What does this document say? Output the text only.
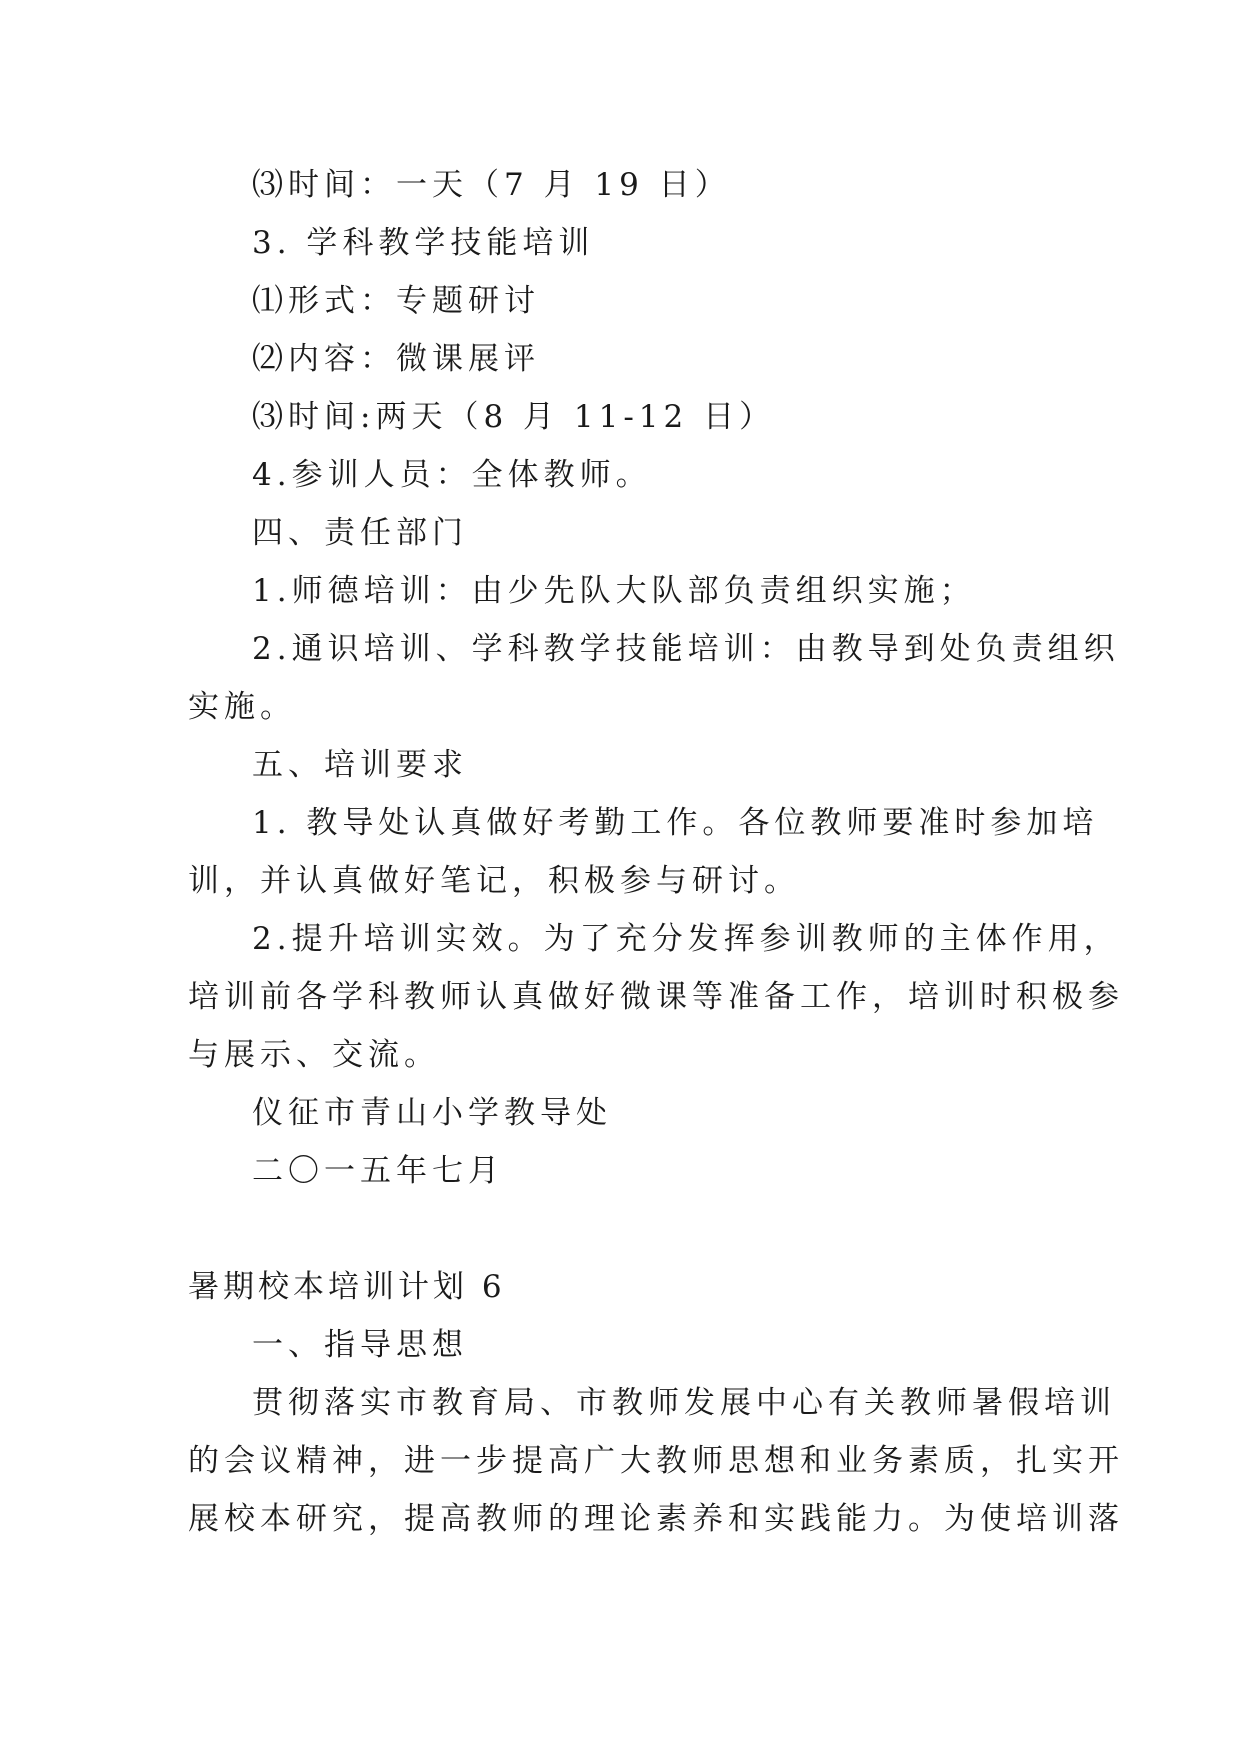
⑶时间：一天（7 月 19 日）
3. 学科教学技能培训
⑴形式：专题研讨
⑵内容：微课展评
⑶时间:两天（8 月 11-12 日）
4.参训人员：全体教师。
四、责任部门
1.师德培训：由少先队大队部负责组织实施；
2.通识培训、学科教学技能培训：由教导到处负责组织
实施。
五、培训要求
1. 教导处认真做好考勤工作。各位教师要准时参加培
训，并认真做好笔记，积极参与研讨。
2.提升培训实效。为了充分发挥参训教师的主体作用，
培训前各学科教师认真做好微课等准备工作，培训时积极参
与展示、交流。
仪征市青山小学教导处
二〇一五年七月
暑期校本培训计划 6
一、指导思想
贯彻落实市教育局、市教师发展中心有关教师暑假培训
的会议精神，进一步提高广大教师思想和业务素质，扎实开
展校本研究，提高教师的理论素养和实践能力。为使培训落
